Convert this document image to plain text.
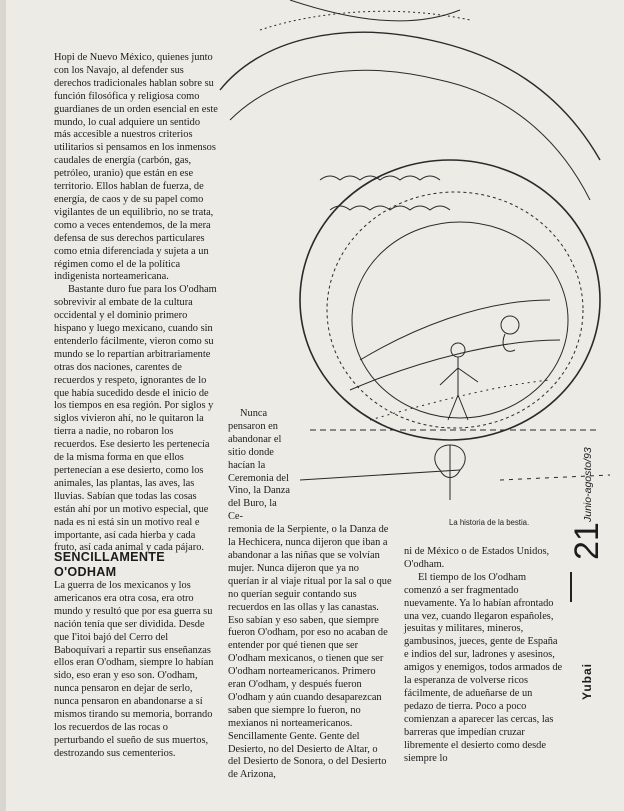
Hopi de Nuevo México, quienes junto con los Navajo, al defender sus derechos tradicionales hablan sobre su función filosófica y religiosa como guardianes de un orden esencial en este mundo, lo cual adquiere un sentido más accesible a nuestros criterios utilitarios si pensamos en los inmensos caudales de energía (carbón, gas, petróleo, uranio) que están en ese territorio. Ellos hablan de fuerza, de energía, de caos y de su papel como vigilantes de un equilibrio, no se trata, como a veces entendemos, de la mera defensa de sus derechos particulares como etnia diferenciada y sujeta a un régimen como el de la política indigenista norteamericana.

Bastante duro fue para los O'odham sobrevivir al embate de la cultura occidental y el dominio primero hispano y luego mexicano, cuando sin entenderlo fácilmente, vieron como su mundo se lo repartían arbitrariamente otras dos naciones, carentes de recuerdos y respeto, ignorantes de lo que había sucedido desde el inicio de los tiempos en esa región. Por siglos y siglos vivieron ahí, no le quitaron la tierra a nadie, no robaron los recuerdos. Ese desierto les pertenecía de la misma forma en que ellos pertenecían a ese desierto, como los animales, las plantas, las aves, las lluvias. Sabían que todas las cosas están ahí por un motivo especial, que nada es ni está sin un motivo real e importante, así cada hierba y cada fruto, así cada animal y cada pájaro.

SENCILLAMENTE O'ODHAM

La guerra de los mexicanos y los americanos era otra cosa, era otro mundo y resultó que por esa guerra su nación tenía que ser dividida. Desde que I'itoi bajó del Cerro del Baboquívari a repartir sus enseñanzas ellos eran O'odham, siempre lo habían sido, eso eran y eso son. O'odham, nunca pensaron en dejar de serlo, nunca pensaron en abandonarse a sí mismos tirando su memoria, borrando los recuerdos de las rocas o perturbando el sueño de sus muertos, destrozando sus cementerios.

Nunca pensaron en abandonar el sitio donde hacían la Ceremonia del Vino, la Danza del Buro, la Ce-

remonia de la Serpiente, o la Danza de la Hechicera, nunca dijeron que iban a abandonar a las niñas que se volvían mujer. Nunca dijeron que ya no querían ir al viaje ritual por la sal o que no querían seguir contando sus recuerdos en las ollas y las canastas. Eso sabían y eso saben, que siempre fueron O'odham, por eso no acaban de entender por qué tienen que ser O'odham mexicanos, o tienen que ser O'odham norteamericanos. Primero eran O'odham, y después fueron O'odham y aún cuando desaparezcan saben que siempre lo fueron, no mexianos ni norteamericanos. Sencillamente Gente. Gente del Desierto, no del Desierto de Altar, o del Desierto de Sonora, o del Desierto de Arizona,

ni de México o de Estados Unidos, O'odham.

El tiempo de los O'odham comenzó a ser fragmentado nuevamente. Ya lo habían afrontado una vez, cuando llegaron españoles, jesuitas y militares, mineros, gambusinos, jueces, gente de España e indios del sur, ladrones y asesinos, amigos y enemigos, todos armados de la esperanza de volverse ricos fácilmente, de adueñarse de un pedazo de tierra. Poco a poco comienzan a aparecer las cercas, las barreras que impedían cruzar libremente el desierto como desde siempre lo

La historia de la bestia.
Junio-agosto/93
Yubai
21
